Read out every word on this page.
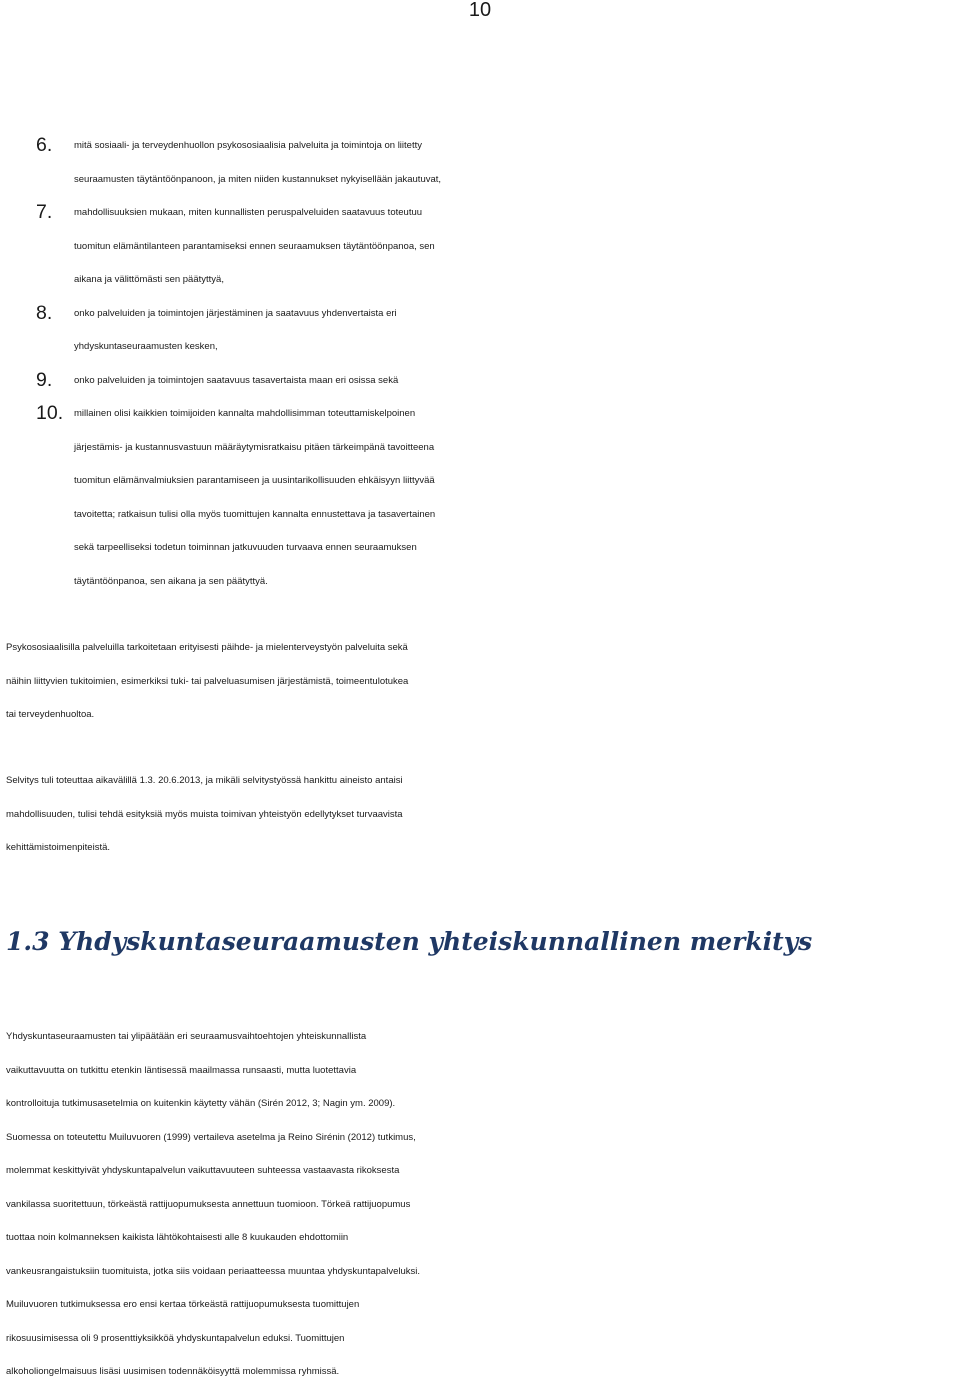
10
6. mitä sosiaali- ja terveydenhuollon psykososiaalisia palveluita ja toimintoja on liitetty
seuraamusten täytäntöönpanoon, ja miten niiden kustannukset nykyisellään jakautuvat,
7. mahdollisuuksien mukaan, miten kunnallisten peruspalveluiden saatavuus toteutuu
tuomitun elämäntilanteen parantamiseksi ennen seuraamuksen täytäntöönpanoa, sen
aikana ja välittömästi sen päätyttyä,
8. onko palveluiden ja toimintojen järjestäminen ja saatavuus yhdenvertaista eri
yhdyskuntaseuraamusten kesken,
9. onko palveluiden ja toimintojen saatavuus tasavertaista maan eri osissa sekä
10. millainen olisi kaikkien toimijoiden kannalta mahdollisimman toteuttamiskelpoinen
järjestämis- ja kustannusvastuun määräytymisratkaisu pitäen tärkeimpänä tavoitteena
tuomitun elämänvalmiuksien parantamiseen ja uusintarikollisuuden ehkäisyyn liittyvää
tavoitetta; ratkaisun tulisi olla myös tuomittujen kannalta ennustettava ja tasavertainen
sekä tarpeelliseksi todetun toiminnan jatkuvuuden turvaava ennen seuraamuksen
täytäntöönpanoa, sen aikana ja sen päätyttyä.

Psykososiaalisilla palveluilla tarkoitetaan erityisesti päihde- ja mielenterveystyön palveluita sekä
näihin liittyvien tukitoimien, esimerkiksi tuki- tai palveluasumisen järjestämistä, toimeentulotukea
tai terveydenhuoltoa.

Selvitys tuli toteuttaa aikavälillä 1.3. 20.6.2013, ja mikäli selvitystyössä hankittu aineisto antaisi
mahdollisuuden, tulisi tehdä esityksiä myös muista toimivan yhteistyön edellytykset turvaavista
kehittämistoimenpiteistä.

1.3 Yhdyskuntaseuraamusten yhteiskunnallinen merkitys

Yhdyskuntaseuraamusten tai ylipäätään eri seuraamusvaihtoehtojen yhteiskunnallista
vaikuttavuutta on tutkittu etenkin läntisessä maailmassa runsaasti, mutta luotettavia
kontrolloituja tutkimusasetelmia on kuitenkin käytetty vähän (Sirén 2012, 3; Nagin ym. 2009).
Suomessa on toteutettu Muiluvuoren (1999) vertaileva asetelma ja Reino Sirénin (2012) tutkimus,
molemmat keskittyivät yhdyskuntapalvelun vaikuttavuuteen suhteessa vastaavasta rikoksesta
vankilassa suoritettuun, törkeästä rattijuopumuksesta annettuun tuomioon. Törkeä rattijuopumus
tuottaa noin kolmanneksen kaikista lähtökohtaisesti alle 8 kuukauden ehdottomiin
vankeusrangaistuksiin tuomituista, jotka siis voidaan periaatteessa muuntaa yhdyskuntapalveluksi.
Muiluvuoren tutkimuksessa ero ensi kertaa törkeästä rattijuopumuksesta tuomittujen
rikosuusimisessa oli 9 prosenttiyksikköä yhdyskuntapalvelun eduksi. Tuomittujen
alkoholiongelmaisuus lisäsi uusimisen todennäköisyyttä molemmissa ryhmissä.
